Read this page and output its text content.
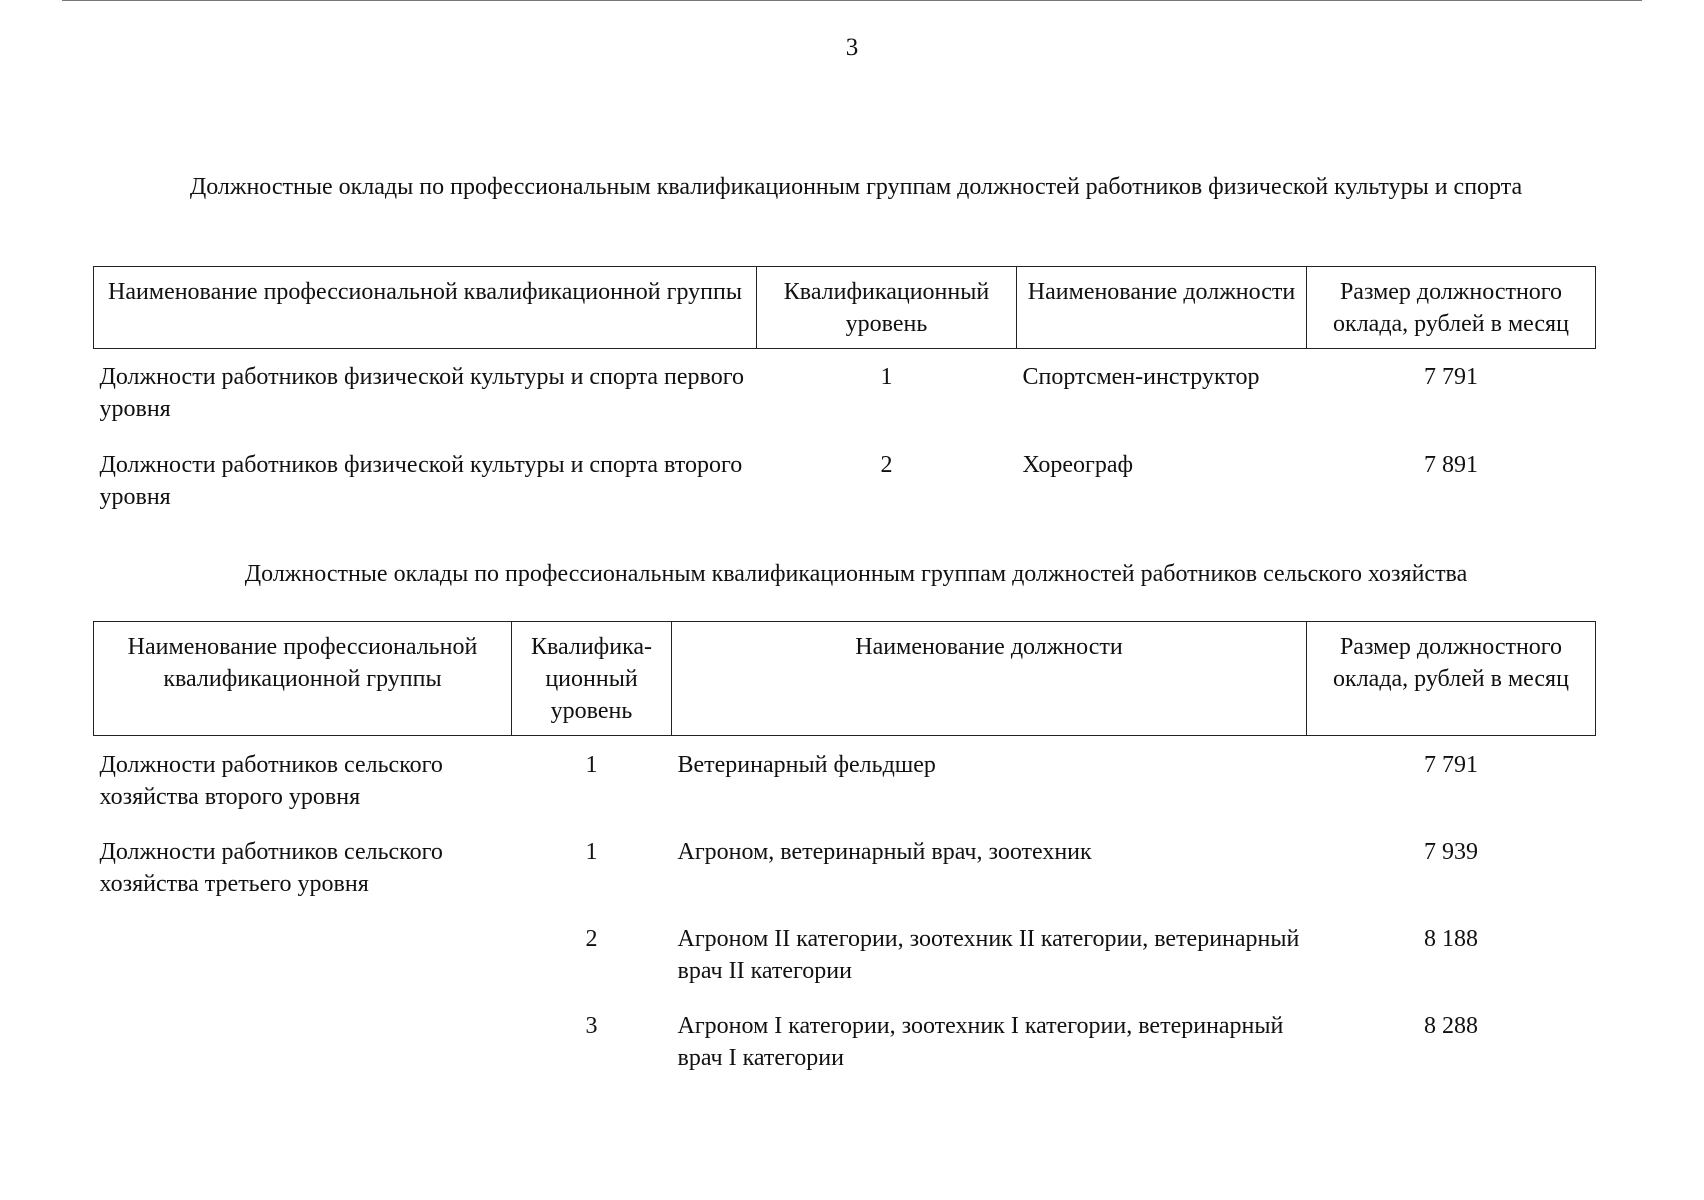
3
Должностные оклады по профессиональным квалификационным группам должностей работников физической культуры и спорта
Наименование профессиональной квалификационной группы	Квалификационный уровень	Наименование должности	Размер должностного оклада, рублей в месяц
Должности работников физической культуры и спорта первого уровня	1	Спортсмен-инструктор	7 791
Должности работников физической культуры и спорта второго уровня	2	Хореограф	7 891
Должностные оклады по профессиональным квалификационным группам должностей работников сельского хозяйства
Наименование профессиональной квалификационной группы	Квалифика-ционный уровень	Наименование должности	Размер должностного оклада, рублей в месяц
Должности работников сельского хозяйства второго уровня	1	Ветеринарный фельдшер	7 791
Должности работников сельского хозяйства третьего уровня	1	Агроном, ветеринарный врач, зоотехник	7 939
	2	Агроном II категории, зоотехник II категории, ветеринарный врач II категории	8 188
	3	Агроном I категории, зоотехник I категории, ветеринарный врач I категории	8 288
